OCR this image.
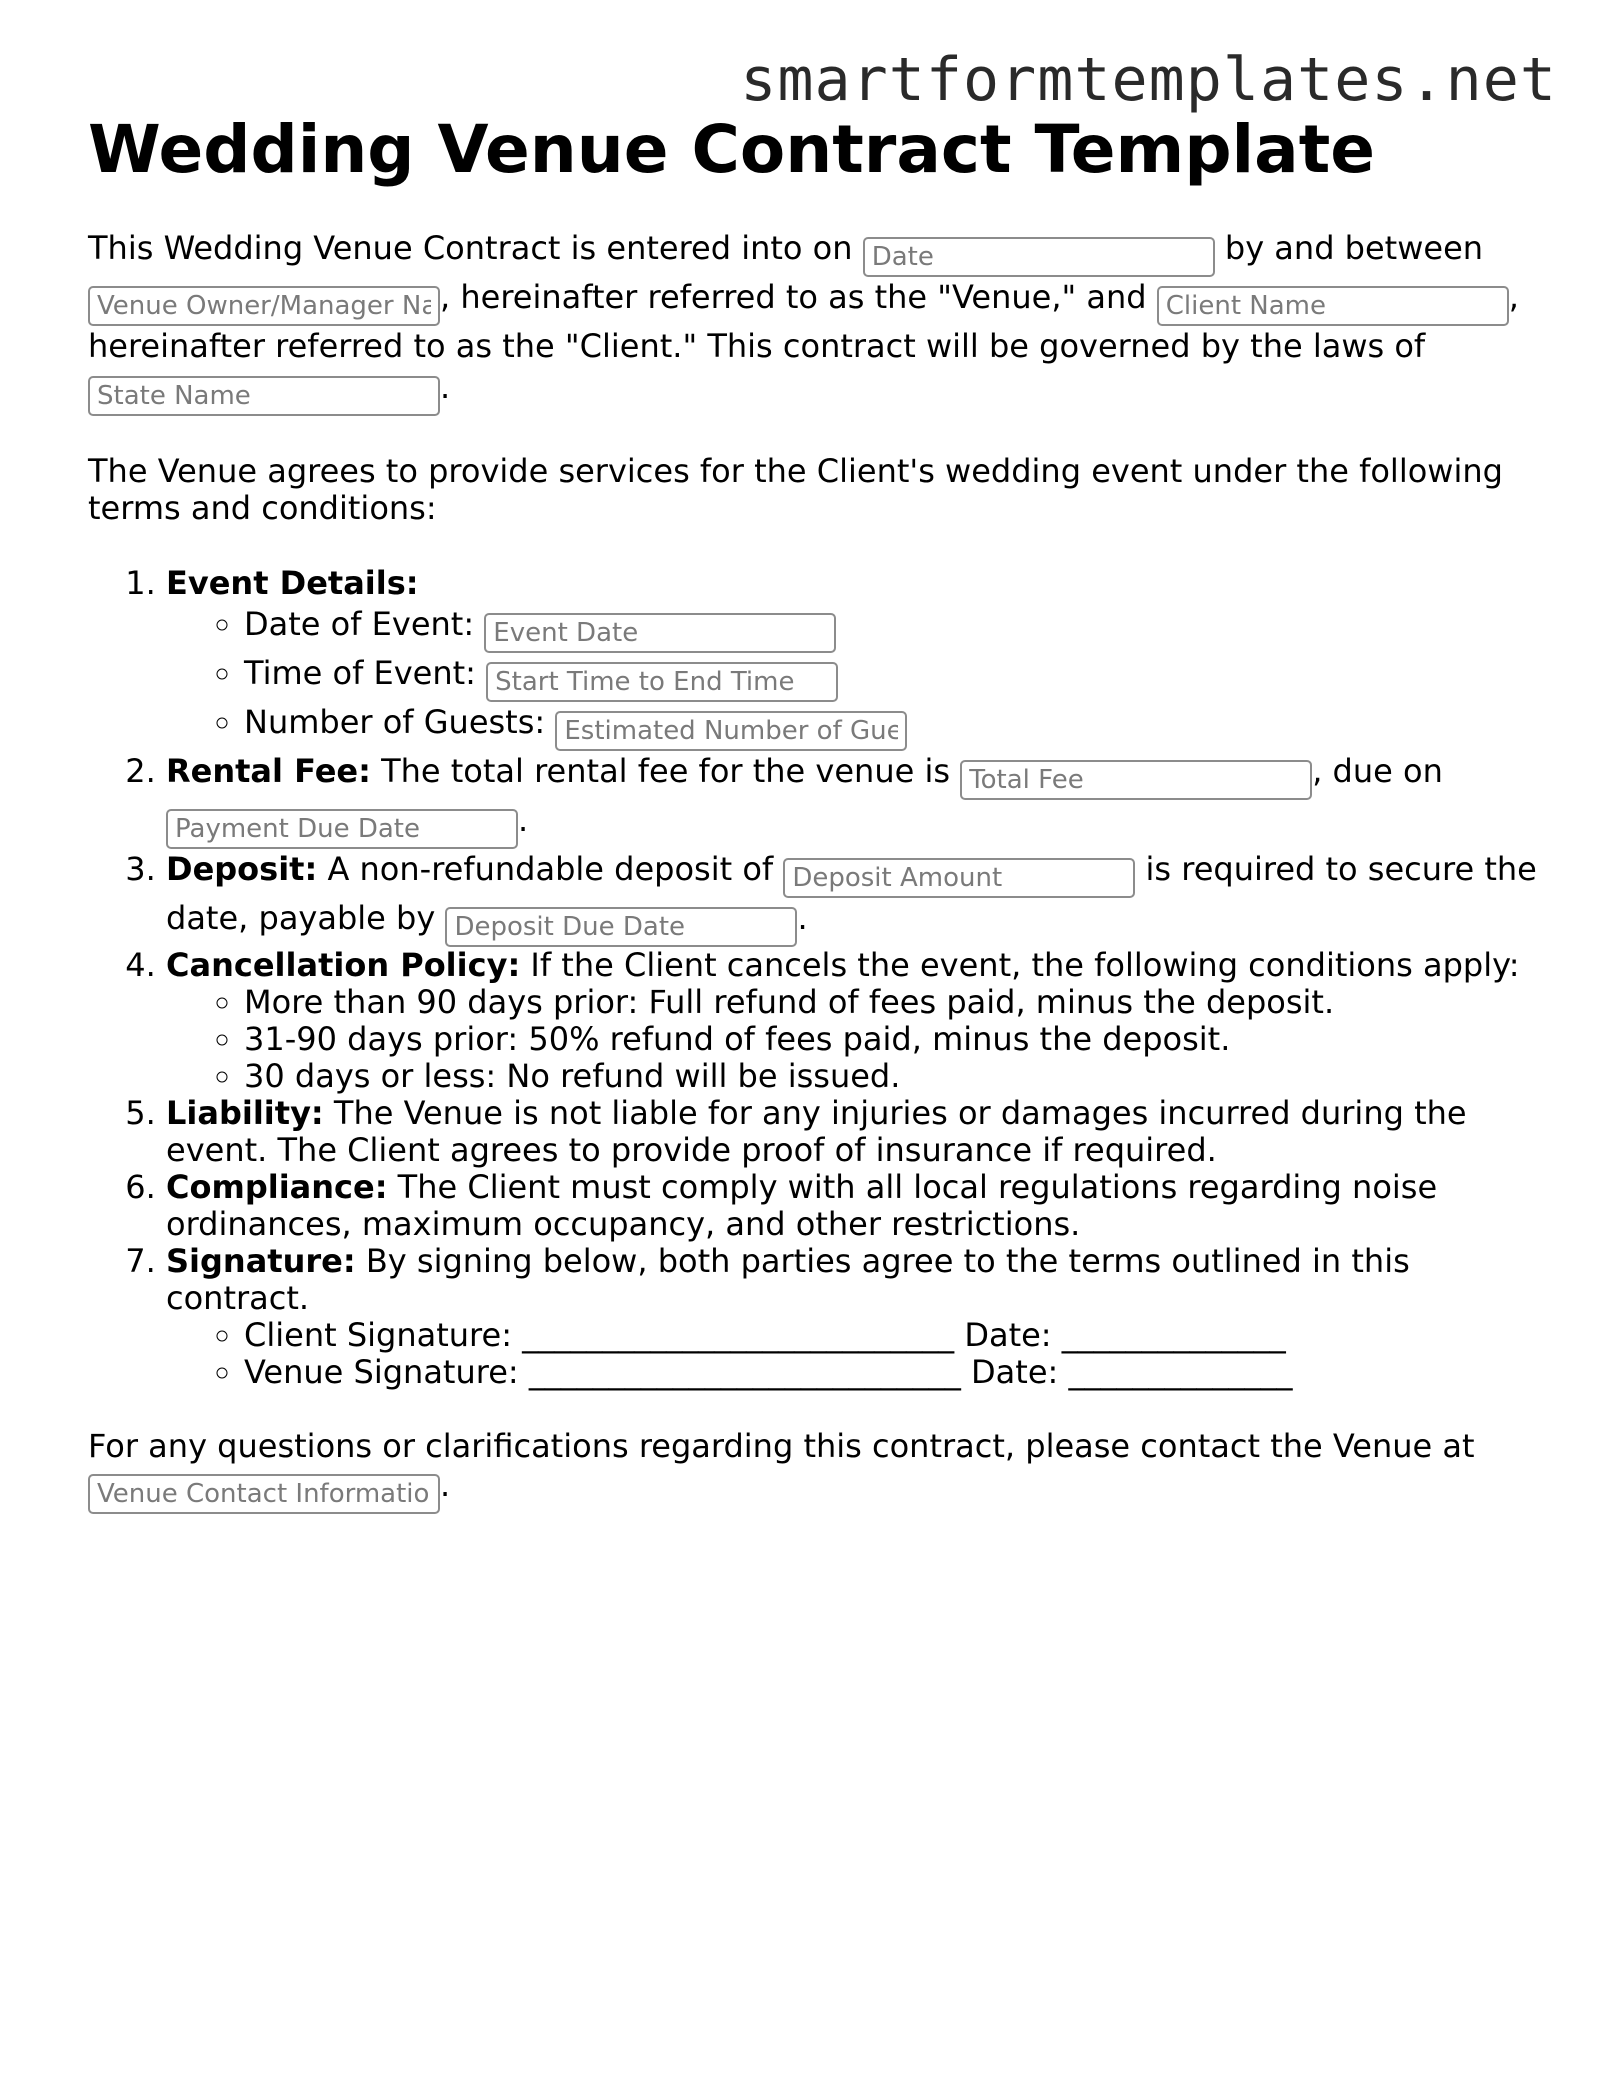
smartformtemplates.net
Wedding Venue Contract Template

This Wedding Venue Contract is entered into on Date	by and between Venue Owner/Manager Name, hereinafter referred to as the "Venue," and Client Name	, hereinafter referred to as the "Client." This contract will be governed by the laws of State Name.

The Venue agrees to provide services for the Client's wedding event under the following terms and conditions:

1. Event Details:
◦ Date of Event: Event Date
◦ Time of Event: Start Time to End Time
◦ Number of Guests: Estimated Number of Guests
2. Rental Fee: The total rental fee for the venue is Total Fee	, due on Payment Due Date.
3. Deposit: A non-refundable deposit of Deposit Amount	is required to secure the date, payable by Deposit Due Date	.
4. Cancellation Policy: If the Client cancels the event, the following conditions apply:
◦ More than 90 days prior: Full refund of fees paid, minus the deposit.
◦ 31-90 days prior: 50% refund of fees paid, minus the deposit.
◦ 30 days or less: No refund will be issued.
5. Liability: The Venue is not liable for any injuries or damages incurred during the event. The Client agrees to provide proof of insurance if required.
6. Compliance: The Client must comply with all local regulations regarding noise ordinances, maximum occupancy, and other restrictions.
7. Signature: By signing below, both parties agree to the terms outlined in this contract.
◦ Client Signature: ___________________________ Date: ______________
◦ Venue Signature: ___________________________ Date: ______________

For any questions or clarifications regarding this contract, please contact the Venue at Venue Contact Information.
